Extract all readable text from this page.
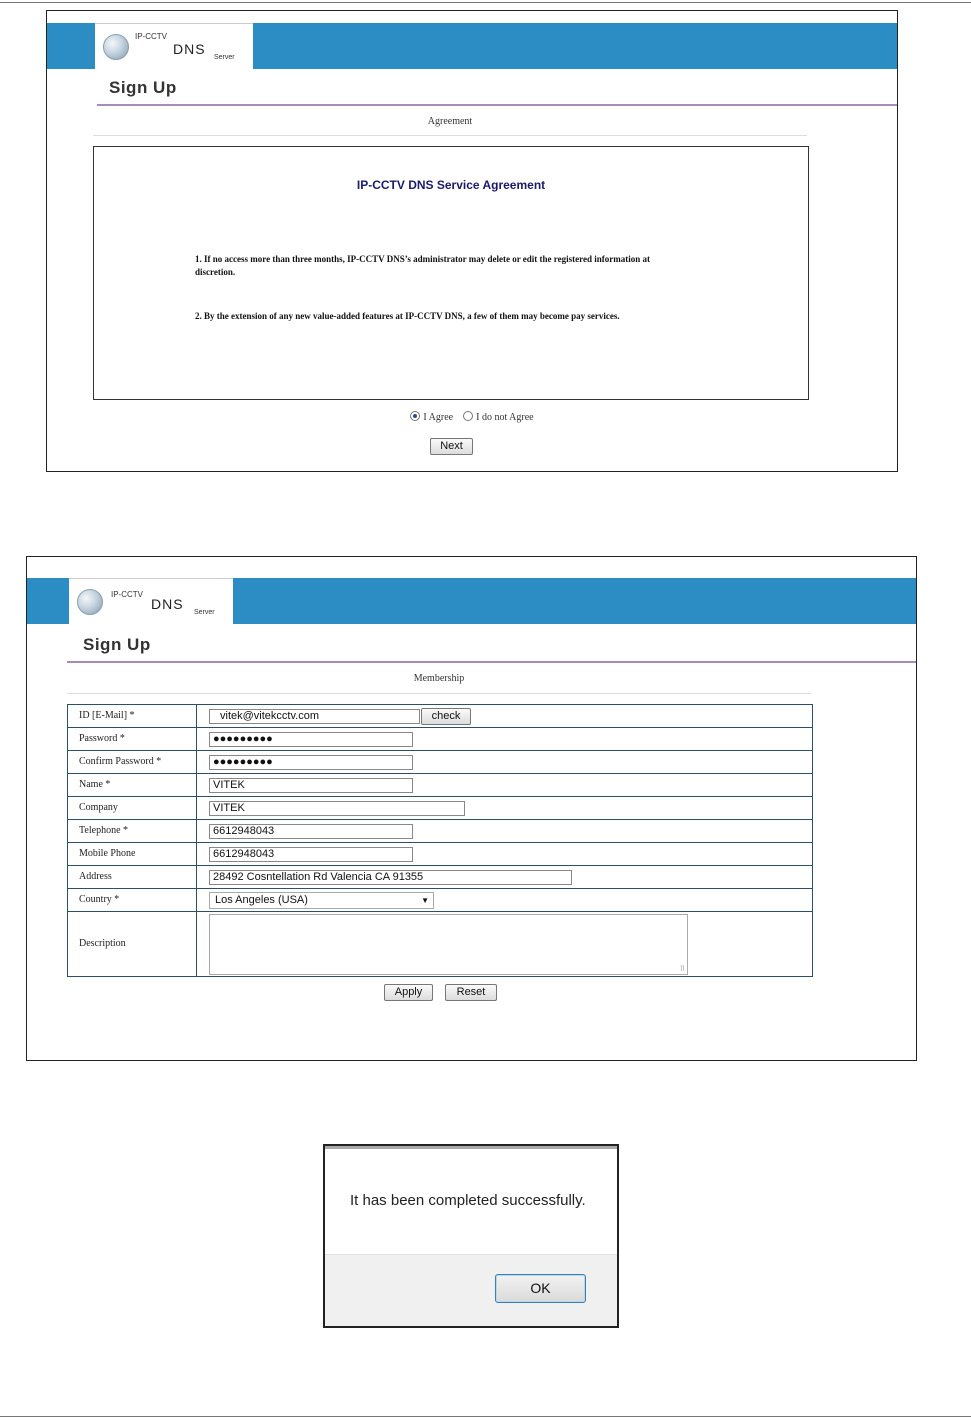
IP-CCTV
DNS
Server
Sign Up
Agreement
IP-CCTV DNS Service Agreement
1. If no access more than three months, IP-CCTV DNS’s administrator may delete or edit the registered information at discretion.
2. By the extension of any new value-added features at IP-CCTV DNS, a few of them may become pay services.
I Agree I do not Agree
Next
IP-CCTV
DNS
Server
Sign Up
Membership
ID [E-Mail] *	vitek@vitekcctv.com	check
Password *	●●●●●●●●●
Confirm Password *	●●●●●●●●●
Name *	VITEK
Company	VITEK
Telephone *	6612948043
Mobile Phone	6612948043
Address	28492 Cosntellation Rd Valencia CA 91355
Country *	Los Angeles (USA)	▼
Description
⠿
Apply	Reset
It has been completed successfully.
OK
